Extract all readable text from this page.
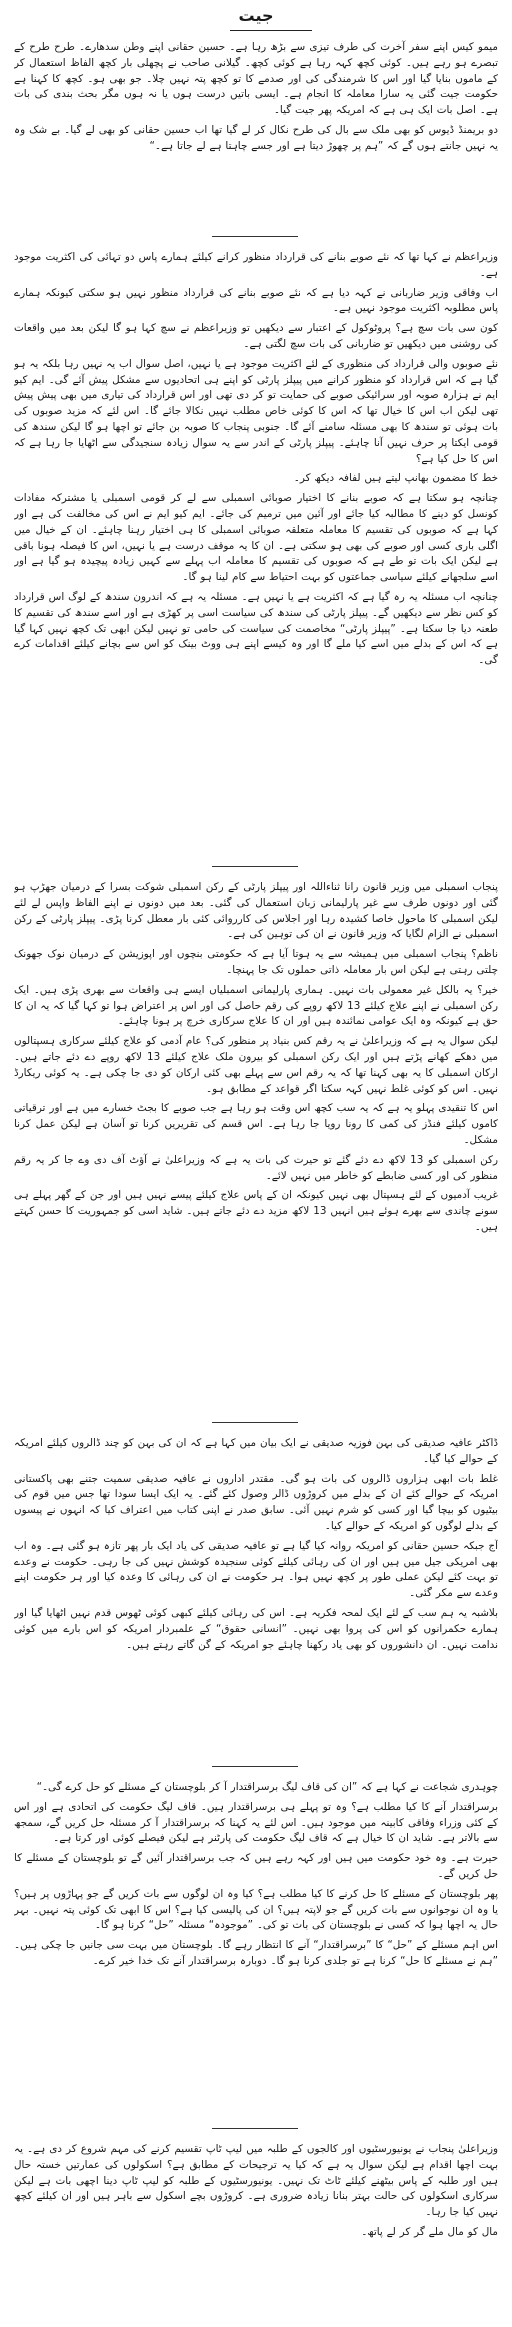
جیت

میمو کیس اپنے سفر آخرت کی طرف تیزی سے بڑھ رہا ہے۔ حسین حقانی اپنے وطن سدھارے۔ طرح طرح کے تبصرے ہو رہے ہیں۔ کوئی کچھ کہہ رہا ہے کوئی کچھ۔ گیلانی صاحب نے پچھلی بار کچھ الفاظ استعمال کر کے ماموں بنایا گیا اور اس کا شرمندگی کی اور صدمے کا تو کچھ پتہ نہیں چلا۔ جو بھی ہو۔ کچھ کا کہنا ہے حکومت جیت گئی یہ سارا معاملہ کا انجام ہے۔ ایسی باتیں درست ہوں یا نہ ہوں مگر بحث بندی کی بات ہے۔ اصل بات ایک ہی ہے کہ امریکہ پھر جیت گیا۔

دو بریمنڈ ڈیوس کو بھی ملک سے بال کی طرح نکال کر لے گیا تھا اب حسین حقانی کو بھی لے گیا۔ بے شک وہ یہ نہیں جانتے ہوں گے کہ ”ہم پر چھوڑ دیتا ہے اور جسے چاہتا ہے لے جاتا ہے۔“

وزیراعظم نے کہا تھا کہ نئے صوبے بنانے کی قرارداد منظور کرانے کیلئے ہمارے پاس دو تہائی کی اکثریت موجود ہے۔

اب وفاقی وزیر ضاربانی نے کہہ دیا ہے کہ نئے صوبے بنانے کی قرارداد منظور نہیں ہو سکتی کیونکہ ہمارے پاس مطلوبہ اکثریت موجود نہیں ہے۔

کون سی بات سچ ہے؟ پروٹوکول کے اعتبار سے دیکھیں تو وزیراعظم نے سچ کہا ہو گا لیکن بعد میں واقعات کی روشنی میں دیکھیں تو ضاربانی کی بات سچ لگتی ہے۔

نئے صوبوں والی قرارداد کی منظوری کے لئے اکثریت موجود ہے یا نہیں، اصل سوال اب یہ نہیں رہا بلکہ یہ ہو گیا ہے کہ اس قرارداد کو منظور کرانے میں پیپلز پارٹی کو اپنے ہی اتحادیوں سے مشکل پیش آئے گی۔ ایم کیو ایم نے ہزارہ صوبہ اور سرائیکی صوبے کی حمایت تو کر دی تھی اور اس قرارداد کی تیاری میں بھی پیش پیش تھی لیکن اب اس کا خیال تھا کہ اس کا کوئی خاص مطلب نہیں نکالا جائے گا۔ اس لئے کہ مزید صوبوں کی بات ہوئی تو سندھ کا بھی مسئلہ سامنے آئے گا۔ جنوبی پنجاب کا صوبہ بن جائے تو اچھا ہو گا لیکن سندھ کی قومی ایکتا پر حرف نہیں آنا چاہئے۔ پیپلز پارٹی کے اندر سے یہ سوال زیادہ سنجیدگی سے اٹھایا جا رہا ہے کہ اس کا حل کیا ہے؟

خط کا مضمون بھانپ لیتے ہیں لفافہ دیکھ کر۔

چنانچہ ہو سکتا ہے کہ صوبے بنانے کا اختیار صوبائی اسمبلی سے لے کر قومی اسمبلی یا مشترکہ مفادات کونسل کو دینے کا مطالبہ کیا جائے اور آئین میں ترمیم کی جائے۔ ایم کیو ایم نے اس کی مخالفت کی ہے اور کہا ہے کہ صوبوں کی تقسیم کا معاملہ متعلقہ صوبائی اسمبلی کا ہی اختیار رہنا چاہئے۔ ان کے خیال میں اگلی باری کسی اور صوبے کی بھی ہو سکتی ہے۔ ان کا یہ موقف درست ہے یا نہیں، اس کا فیصلہ ہونا باقی ہے لیکن ایک بات تو طے ہے کہ صوبوں کی تقسیم کا معاملہ اب پہلے سے کہیں زیادہ پیچیدہ ہو گیا ہے اور اسے سلجھانے کیلئے سیاسی جماعتوں کو بہت احتیاط سے کام لینا ہو گا۔

چنانچہ اب مسئلہ یہ رہ گیا ہے کہ اکثریت ہے یا نہیں ہے۔ مسئلہ یہ ہے کہ اندرون سندھ کے لوگ اس قرارداد کو کس نظر سے دیکھیں گے۔ پیپلز پارٹی کی سندھ کی سیاست اسی پر کھڑی ہے اور اسے سندھ کی تقسیم کا طعنہ دیا جا سکتا ہے۔ ”پیپلز پارٹی“ مخاصمت کی سیاست کی حامی تو نہیں لیکن ابھی تک کچھ نہیں کہا گیا ہے کہ اس کے بدلے میں اسے کیا ملے گا اور وہ کیسے اپنے ہی ووٹ بینک کو اس سے بچانے کیلئے اقدامات کرے گی۔

پنجاب اسمبلی میں وزیر قانون رانا ثناءاللہ اور پیپلز پارٹی کے رکن اسمبلی شوکت بسرا کے درمیان جھڑپ ہو گئی اور دونوں طرف سے غیر پارلیمانی زبان استعمال کی گئی۔ بعد میں دونوں نے اپنے الفاظ واپس لے لئے لیکن اسمبلی کا ماحول خاصا کشیدہ رہا اور اجلاس کی کارروائی کئی بار معطل کرنا پڑی۔ پیپلز پارٹی کے رکن اسمبلی نے الزام لگایا کہ وزیر قانون نے ان کی توہین کی ہے۔

ناظم؟ پنجاب اسمبلی میں ہمیشہ سے یہ ہوتا آیا ہے کہ حکومتی بنچوں اور اپوزیشن کے درمیان نوک جھونک چلتی رہتی ہے لیکن اس بار معاملہ ذاتی حملوں تک جا پہنچا۔

خیر؟ یہ بالکل غیر معمولی بات نہیں۔ ہماری پارلیمانی اسمبلیاں ایسے ہی واقعات سے بھری پڑی ہیں۔ ایک رکن اسمبلی نے اپنے علاج کیلئے 13 لاکھ روپے کی رقم حاصل کی اور اس پر اعتراض ہوا تو کہا گیا کہ یہ ان کا حق ہے کیونکہ وہ ایک عوامی نمائندہ ہیں اور ان کا علاج سرکاری خرچ پر ہونا چاہئے۔

لیکن سوال یہ ہے کہ وزیراعلیٰ نے یہ رقم کس بنیاد پر منظور کی؟ عام آدمی کو علاج کیلئے سرکاری ہسپتالوں میں دھکے کھانے پڑتے ہیں اور ایک رکن اسمبلی کو بیرون ملک علاج کیلئے 13 لاکھ روپے دے دئے جاتے ہیں۔ ارکان اسمبلی کا یہ بھی کہنا تھا کہ یہ رقم اس سے پہلے بھی کئی ارکان کو دی جا چکی ہے۔ یہ کوئی ریکارڈ نہیں۔ اس کو کوئی غلط نہیں کہہ سکتا اگر قواعد کے مطابق ہو۔

اس کا تنقیدی پہلو یہ ہے کہ یہ سب کچھ اس وقت ہو رہا ہے جب صوبے کا بجٹ خسارے میں ہے اور ترقیاتی کاموں کیلئے فنڈز کی کمی کا رونا رویا جا رہا ہے۔ اس قسم کی تقریریں کرنا تو آسان ہے لیکن عمل کرنا مشکل۔

رکن اسمبلی کو 13 لاکھ دے دئے گئے تو حیرت کی بات یہ ہے کہ وزیراعلیٰ نے آؤٹ آف دی وے جا کر یہ رقم منظور کی اور کسی ضابطے کو خاطر میں نہیں لائے۔

غریب آدمیوں کے لئے ہسپتال بھی نہیں کیونکہ ان کے پاس علاج کیلئے پیسے نہیں ہیں اور جن کے گھر پہلے ہی سونے چاندی سے بھرے ہوئے ہیں انہیں 13 لاکھ مزید دے دئے جاتے ہیں۔ شاید اسی کو جمہوریت کا حسن کہتے ہیں۔

ڈاکٹر عافیہ صدیقی کی بہن فوزیہ صدیقی نے ایک بیان میں کہا ہے کہ ان کی بہن کو چند ڈالروں کیلئے امریکہ کے حوالے کیا گیا۔

غلط بات ابھی ہزاروں ڈالروں کی بات ہو گی۔ مقتدر اداروں نے عافیہ صدیقی سمیت جتنے بھی پاکستانی امریکہ کے حوالے کئے ان کے بدلے میں کروڑوں ڈالر وصول کئے گئے۔ یہ ایک ایسا سودا تھا جس میں قوم کی بیٹیوں کو بیچا گیا اور کسی کو شرم نہیں آئی۔ سابق صدر نے اپنی کتاب میں اعتراف کیا کہ انہوں نے پیسوں کے بدلے لوگوں کو امریکہ کے حوالے کیا۔

آج جبکہ حسین حقانی کو امریکہ روانہ کیا گیا ہے تو عافیہ صدیقی کی یاد ایک بار پھر تازہ ہو گئی ہے۔ وہ اب بھی امریکی جیل میں ہیں اور ان کی رہائی کیلئے کوئی سنجیدہ کوشش نہیں کی جا رہی۔ حکومت نے وعدے تو بہت کئے لیکن عملی طور پر کچھ نہیں ہوا۔ ہر حکومت نے ان کی رہائی کا وعدہ کیا اور ہر حکومت اپنے وعدے سے مکر گئی۔

بلاشبہ یہ ہم سب کے لئے ایک لمحہ فکریہ ہے۔ اس کی رہائی کیلئے کبھی کوئی ٹھوس قدم نہیں اٹھایا گیا اور ہمارے حکمرانوں کو اس کی پروا بھی نہیں۔ ”انسانی حقوق“ کے علمبردار امریکہ کو اس بارے میں کوئی ندامت نہیں۔ ان دانشوروں کو بھی یاد رکھنا چاہئے جو امریکہ کے گن گاتے رہتے ہیں۔

چوہدری شجاعت نے کہا ہے کہ ”ان کی قاف لیگ برسراقتدار آ کر بلوچستان کے مسئلے کو حل کرے گی۔“

برسراقتدار آنے کا کیا مطلب ہے؟ وہ تو پہلے ہی برسراقتدار ہیں۔ قاف لیگ حکومت کی اتحادی ہے اور اس کے کئی وزراء وفاقی کابینہ میں موجود ہیں۔ اس لئے یہ کہنا کہ برسراقتدار آ کر مسئلہ حل کریں گے، سمجھ سے بالاتر ہے۔ شاید ان کا خیال ہے کہ قاف لیگ حکومت کی پارٹنر ہے لیکن فیصلے کوئی اور کرتا ہے۔

حیرت ہے۔ وہ خود حکومت میں ہیں اور کہہ رہے ہیں کہ جب برسراقتدار آئیں گے تو بلوچستان کے مسئلے کا حل کریں گے۔

پھر بلوچستان کے مسئلے کا حل کرنے کا کیا مطلب ہے؟ کیا وہ ان لوگوں سے بات کریں گے جو پہاڑوں پر ہیں؟ یا وہ ان نوجوانوں سے بات کریں گے جو لاپتہ ہیں؟ ان کی پالیسی کیا ہے؟ اس کا ابھی تک کوئی پتہ نہیں۔ بہر حال یہ اچھا ہوا کہ کسی نے بلوچستان کی بات تو کی۔ ”موجودہ“ مسئلہ ”حل“ کرنا ہو گا۔

اس اہم مسئلے کے ”حل“ کا ”برسراقتدار“ آنے کا انتظار رہے گا۔ بلوچستان میں بہت سی جانیں جا چکی ہیں۔ ”ہم نے مسئلے کا حل“ کرنا ہے تو جلدی کرنا ہو گا۔ دوبارہ برسراقتدار آنے تک خدا خیر کرے۔

وزیراعلیٰ پنجاب نے یونیورسٹیوں اور کالجوں کے طلبہ میں لیپ ٹاپ تقسیم کرنے کی مہم شروع کر دی ہے۔ یہ بہت اچھا اقدام ہے لیکن سوال یہ ہے کہ کیا یہ ترجیحات کے مطابق ہے؟ اسکولوں کی عمارتیں خستہ حال ہیں اور طلبہ کے پاس بیٹھنے کیلئے ٹاٹ تک نہیں۔ یونیورسٹیوں کے طلبہ کو لیپ ٹاپ دینا اچھی بات ہے لیکن سرکاری اسکولوں کی حالت بہتر بنانا زیادہ ضروری ہے۔ کروڑوں بچے اسکول سے باہر ہیں اور ان کیلئے کچھ نہیں کیا جا رہا۔

مال کو مال ملے گر کر لے پاتھ۔
